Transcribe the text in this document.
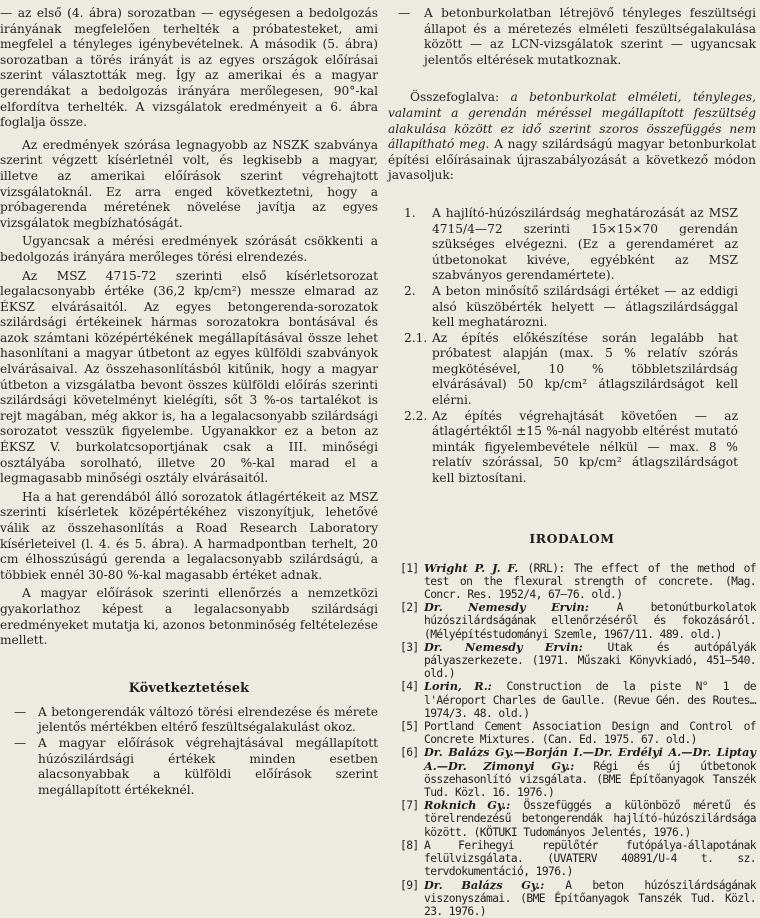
— az első (4. ábra) sorozatban — egységesen a bedolgozás irányának megfelelően terhelték a próbatesteket, ami megfelel a tényleges igénybevételnek. A második (5. ábra) sorozatban a törés irányát is az egyes országok előírásai szerint választották meg. Így az amerikai és a magyar gerendákat a bedolgozás irányára merőlegesen, 90°-kal elfordítva terhelték. A vizsgálatok eredményeit a 6. ábra foglalja össze.

Az eredmények szórása legnagyobb az NSZK szabványa szerint végzett kísérletnél volt, és legkisebb a magyar, illetve az amerikai előírások szerint végrehajtott vizsgálatoknál. Ez arra enged következtetni, hogy a próbagerenda méretének növelése javítja az egyes vizsgálatok megbízhatóságát.

Ugyancsak a mérési eredmények szórását csökkenti a bedolgozás irányára merőleges törési elrendezés.

Az MSZ 4715-72 szerinti első kísérletsorozat legalacsonyabb értéke (36,2 kp/cm²) messze elmarad az ÉKSZ elvárásaitól. Az egyes betongerenda-sorozatok szilárdsági értékeinek hármas sorozatokra bontásával és azok számtani középértékének megállapításával össze lehet hasonlítani a magyar útbetont az egyes külföldi szabványok elvárásaival. Az összehasonlításból kitűnik, hogy a magyar útbeton a vizsgálatba bevont összes külföldi előírás szerinti szilárdsági követelményt kielégíti, sőt 3 %-os tartalékot is rejt magában, még akkor is, ha a legalacsonyabb szilárdsági sorozatot vesszük figyelembe. Ugyanakkor ez a beton az ÉKSZ V. burkolatcsoportjának csak a III. minőségi osztályába sorolható, illetve 20 %-kal marad el a legmagasabb minőségi osztály elvárásaitól.

Ha a hat gerendából álló sorozatok átlagértékeit az MSZ szerinti kísérletek középértékéhez viszonyítjuk, lehetővé válik az összehasonlítás a Road Research Laboratory kísérleteivel (l. 4. és 5. ábra). A harmadpontban terhelt, 20 cm élhosszúságú gerenda a legalacsonyabb szilárdságú, a többiek ennél 30-80 %-kal magasabb értéket adnak.

A magyar előírások szerinti ellenőrzés a nemzetközi gyakorlathoz képest a legalacsonyabb szilárdsági eredményeket mutatja ki, azonos betonminőség feltételezése mellett.

Következtetések
— A betongerendák változó törési elrendezése és mérete jelentős mértékben eltérő feszültségalakulást okoz.
— A magyar előírások végrehajtásával megállapított húzószilárdsági értékek minden esetben alacsonyabbak a külföldi előírások szerint megállapított értékeknél.
— A betonburkolatban létrejövő tényleges feszültségi állapot és a méretezés elméleti feszültségalakulása között — az LCN-vizsgálatok szerint — ugyancsak jelentős eltérések mutatkoznak.

Összefoglalva: a betonburkolat elméleti, tényleges, valamint a gerendán méréssel megállapított feszültség alakulása között ez idő szerint szoros összefüggés nem állapítható meg. A nagy szilárdságú magyar betonburkolat építési előírásainak újraszabályozását a következő módon javasoljuk:

1. A hajlító-húzószilárdság meghatározását az MSZ 4715/4—72 szerinti 15×15×70 gerendán szükséges elvégezni. (Ez a gerendaméret az útbetonokat kivéve, egyébként az MSZ szabványos gerendamértete).
2. A beton minősítő szilárdsági értéket — az eddigi alsó küszöbérték helyett — átlagszilárdsággal kell meghatározni.
2.1. Az építés előkészítése során legalább hat próbatest alapján (max. 5 % relatív szórás megkötésével, 10 % többletszilárdság elvárásával) 50 kp/cm² átlagszilárdságot kell elérni.
2.2. Az építés végrehajtását követően — az átlagértéktől ±15 %-nál nagyobb eltérést mutató minták figyelembevétele nélkül — max. 8 % relatív szórással, 50 kp/cm² átlagszilárdságot kell biztosítani.
IRODALOM
[1] Wright P. J. F. (RRL): The effect of the method of test on the flexural strength of concrete. (Mag. Concr. Res. 1952/4, 67—76. old.)
[2] Dr. Nemesdy Ervin: A betonútburkolatok húzószilárdságának ellenőrzéséről és fokozásáról. (Mélyépítéstudományi Szemle, 1967/11. 489. old.)
[3] Dr. Nemesdy Ervin: Utak és autópályák pályaszerkezete. (1971. Műszaki Könyvkiadó, 451—540. old.)
[4] Lorin, R.: Construction de la piste N° 1 de l'Aéroport Charles de Gaulle. (Revue Gén. des Routes… 1974/3. 48. old.)
[5] Portland Cement Association Design and Control of Concrete Mixtures. (Can. Ed. 1975. 67. old.)
[6] Dr. Balázs Gy.—Borján I.—Dr. Erdélyi A.—Dr. Liptay A.—Dr. Zimonyi Gy.: Régi és új útbetonok összehasonlító vizsgálata. (BME Építőanyagok Tanszék Tud. Közl. 16. 1976.)
[7] Roknich Gy.: Összefüggés a különböző méretű és törelrendezésű betongerendák hajlító-húzószilárdsága között. (KÖTUKI Tudományos Jelentés, 1976.)
[8] A Ferihegyi repülőtér futópálya-állapotának felülvizsgálata. (UVATERV 40891/U-4 t. sz. tervdokumentáció, 1976.)
[9] Dr. Balázs Gy.: A beton húzószilárdságának viszonyszámai. (BME Építőanyagok Tanszék Tud. Közl. 23. 1976.)
